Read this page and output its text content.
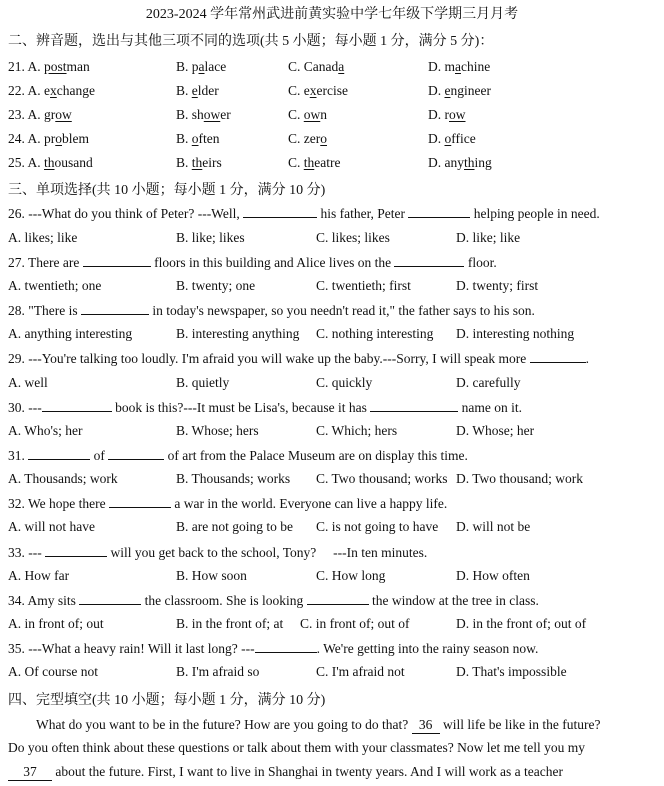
2023-2024 学年常州武进前黄实验中学七年级下学期三月月考
二、辨音题，选出与其他三项不同的选项(共 5 小题；每小题 1 分，满分 5 分)：
21. A. postman	B. palace	C. Canada	D. machine
22. A. exchange	B. elder	C. exercise	D. engineer
23. A. grow	B. shower	C. own	D. row
24. A. problem	B. often	C. zero	D. office
25. A. thousand	B. theirs	C. theatre	D. anything
三、单项选择(共 10 小题；每小题 1 分，满分 10 分)
26. ---What do you think of Peter? ---Well,	his father, Peter	helping people in need.
A. likes; like	B. like; likes	C. likes; likes	D. like; like
27. There are	floors in this building and Alice lives on the	floor.
A. twentieth; one	B. twenty; one	C. twentieth; first	D. twenty; first
28. "There is	in today's newspaper, so you needn't read it," the father says to his son.
A. anything interesting	B. interesting anything C. nothing interesting D. interesting nothing
29. ---You're talking too loudly. I'm afraid you will wake up the baby.---Sorry, I will speak more	.
A. well	B. quietly	C. quickly	D. carefully
30. ---	book is this?---It must be Lisa's, because it has	name on it.
A. Who's; her	B. Whose; hers	C. Which; hers	D. Whose; her
31.	of	of art from the Palace Museum are on display this time.
A. Thousands; work	B. Thousands; works C. Two thousand; works D. Two thousand; work
32. We hope there	a war in the world. Everyone can live a happy life.
A. will not have	B. are not going to be C. is not going to have D. will not be
33. ---	will you get back to the school, Tony?     ---In ten minutes.
A. How far	B. How soon	C. How long	D. How often
34. Amy sits	the classroom. She is looking	the window at the tree in class.
A. in front of; out	B. in the front of; at C. in front of; out of	D. in the front of; out of
35. ---What a heavy rain! Will it last long? ---	. We're getting into the rainy season now.
A. Of course not	B. I'm afraid so	C. I'm afraid not	D. That's impossible
四、完型填空(共 10 小题；每小题 1 分，满分 10 分)
What do you want to be in the future? How are you going to do that? 36 will life be like in the future?
Do you often think about these questions or talk about them with your classmates? Now let me tell you my
37 about the future. First, I want to live in Shanghai in twenty years. And I will work as a teacher
